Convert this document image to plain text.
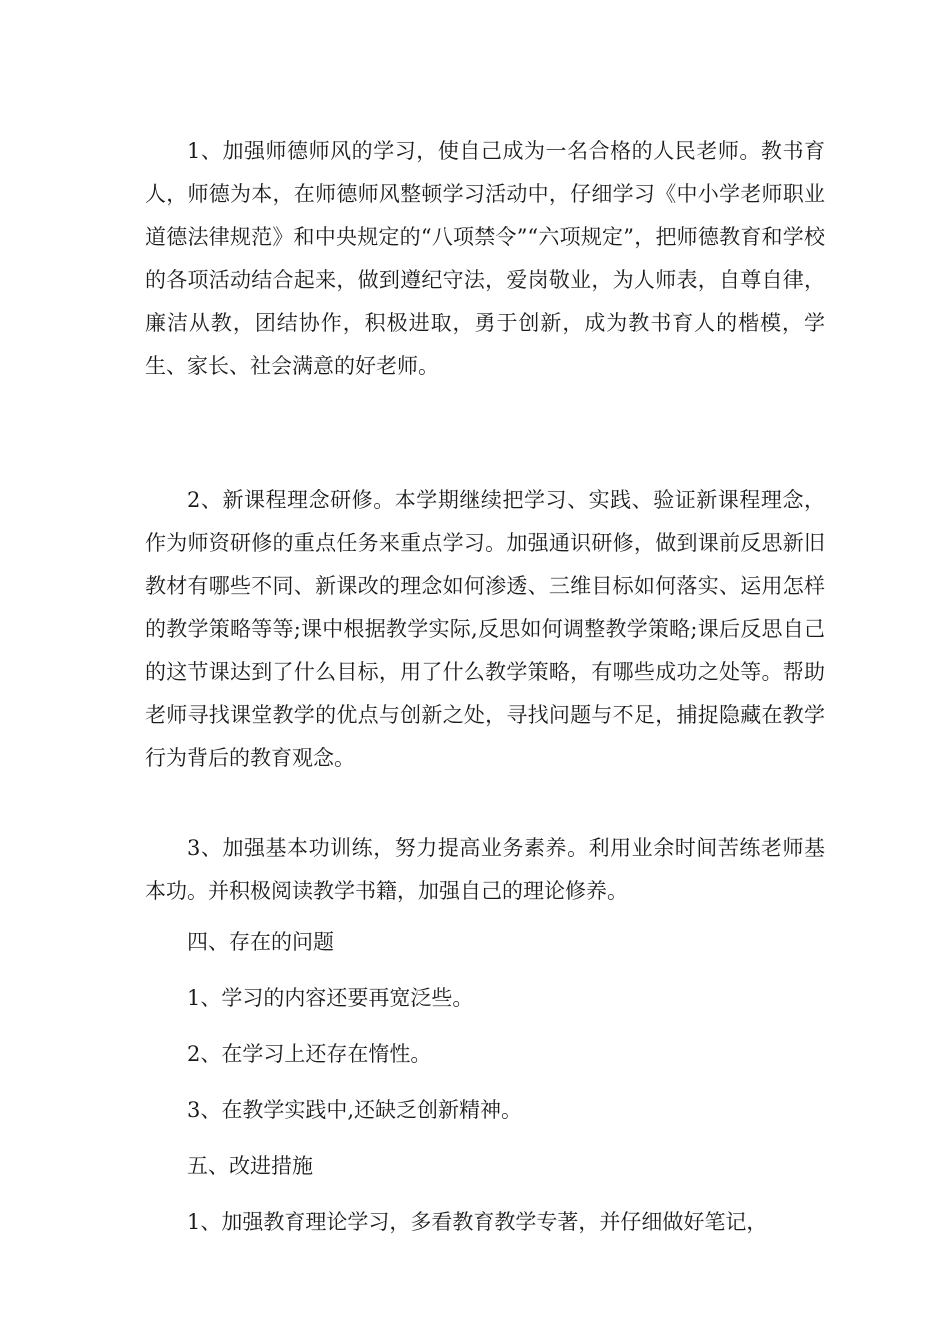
1、加强师德师风的学习，使自己成为一名合格的人民老师。教书育人，师德为本，在师德师风整顿学习活动中，仔细学习《中小学老师职业道德法律规范》和中央规定的“八项禁令”“六项规定”，把师德教育和学校的各项活动结合起来，做到遵纪守法，爱岗敬业，为人师表，自尊自律，廉洁从教，团结协作，积极进取，勇于创新，成为教书育人的楷模，学生、家长、社会满意的好老师。

2、新课程理念研修。本学期继续把学习、实践、验证新课程理念，作为师资研修的重点任务来重点学习。加强通识研修，做到课前反思新旧教材有哪些不同、新课改的理念如何渗透、三维目标如何落实、运用怎样的教学策略等等;课中根据教学实际,反思如何调整教学策略;课后反思自己的这节课达到了什么目标，用了什么教学策略，有哪些成功之处等。帮助老师寻找课堂教学的优点与创新之处，寻找问题与不足，捕捉隐藏在教学行为背后的教育观念。

3、加强基本功训练，努力提高业务素养。利用业余时间苦练老师基本功。并积极阅读教学书籍，加强自己的理论修养。

四、存在的问题

1、学习的内容还要再宽泛些。

2、在学习上还存在惰性。

3、在教学实践中,还缺乏创新精神。

五、改进措施

1、加强教育理论学习，多看教育教学专著，并仔细做好笔记，
